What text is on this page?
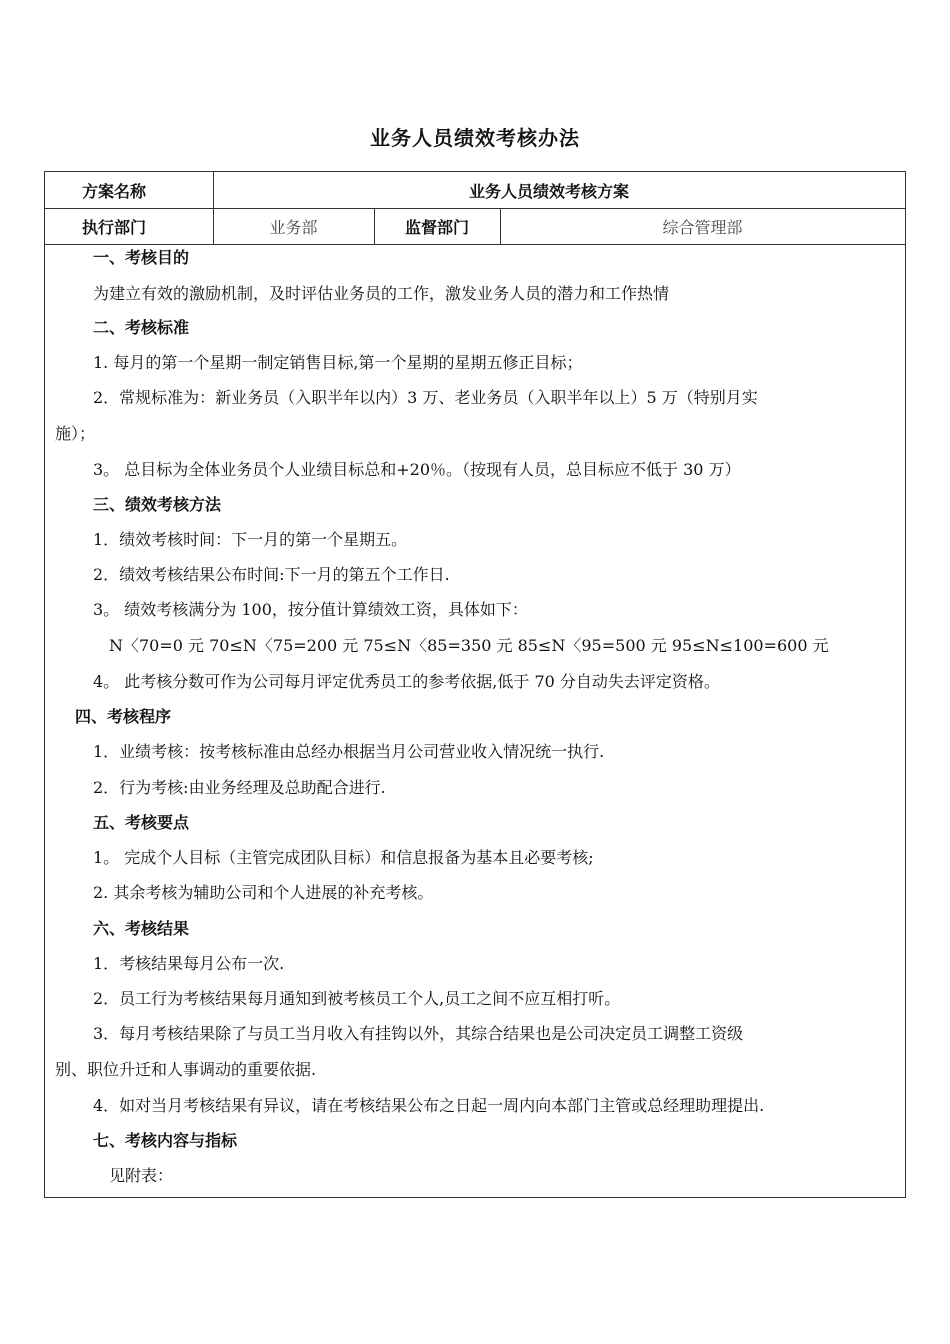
业务人员绩效考核办法
方案名称	业务人员绩效考核方案
执行部门	业务部	监督部门	综合管理部
一、考核目的
为建立有效的激励机制，及时评估业务员的工作，激发业务人员的潜力和工作热情
二、考核标准
1. 每月的第一个星期一制定销售目标,第一个星期的星期五修正目标；
2．常规标准为：新业务员（入职半年以内）3 万、老业务员（入职半年以上）5 万（特别月实
施）；
3。 总目标为全体业务员个人业绩目标总和+20％。（按现有人员，总目标应不低于 30 万）
三、绩效考核方法
1．绩效考核时间：下一月的第一个星期五。
2．绩效考核结果公布时间:下一月的第五个工作日.
3。 绩效考核满分为 100，按分值计算绩效工资，具体如下：
N〈70=0 元 70≤N〈75=200 元 75≤N〈85=350 元 85≤N〈95=500 元 95≤N≤100=600 元
4。 此考核分数可作为公司每月评定优秀员工的参考依据,低于 70 分自动失去评定资格。
四、考核程序
1．业绩考核：按考核标准由总经办根据当月公司营业收入情况统一执行.
2．行为考核:由业务经理及总助配合进行.
五、考核要点
1。 完成个人目标（主管完成团队目标）和信息报备为基本且必要考核;
2. 其余考核为辅助公司和个人进展的补充考核。
六、考核结果
1．考核结果每月公布一次.
2．员工行为考核结果每月通知到被考核员工个人,员工之间不应互相打听。
3．每月考核结果除了与员工当月收入有挂钩以外，其综合结果也是公司决定员工调整工资级
别、职位升迁和人事调动的重要依据.
4．如对当月考核结果有异议，请在考核结果公布之日起一周内向本部门主管或总经理助理提出.
七、考核内容与指标
见附表：
